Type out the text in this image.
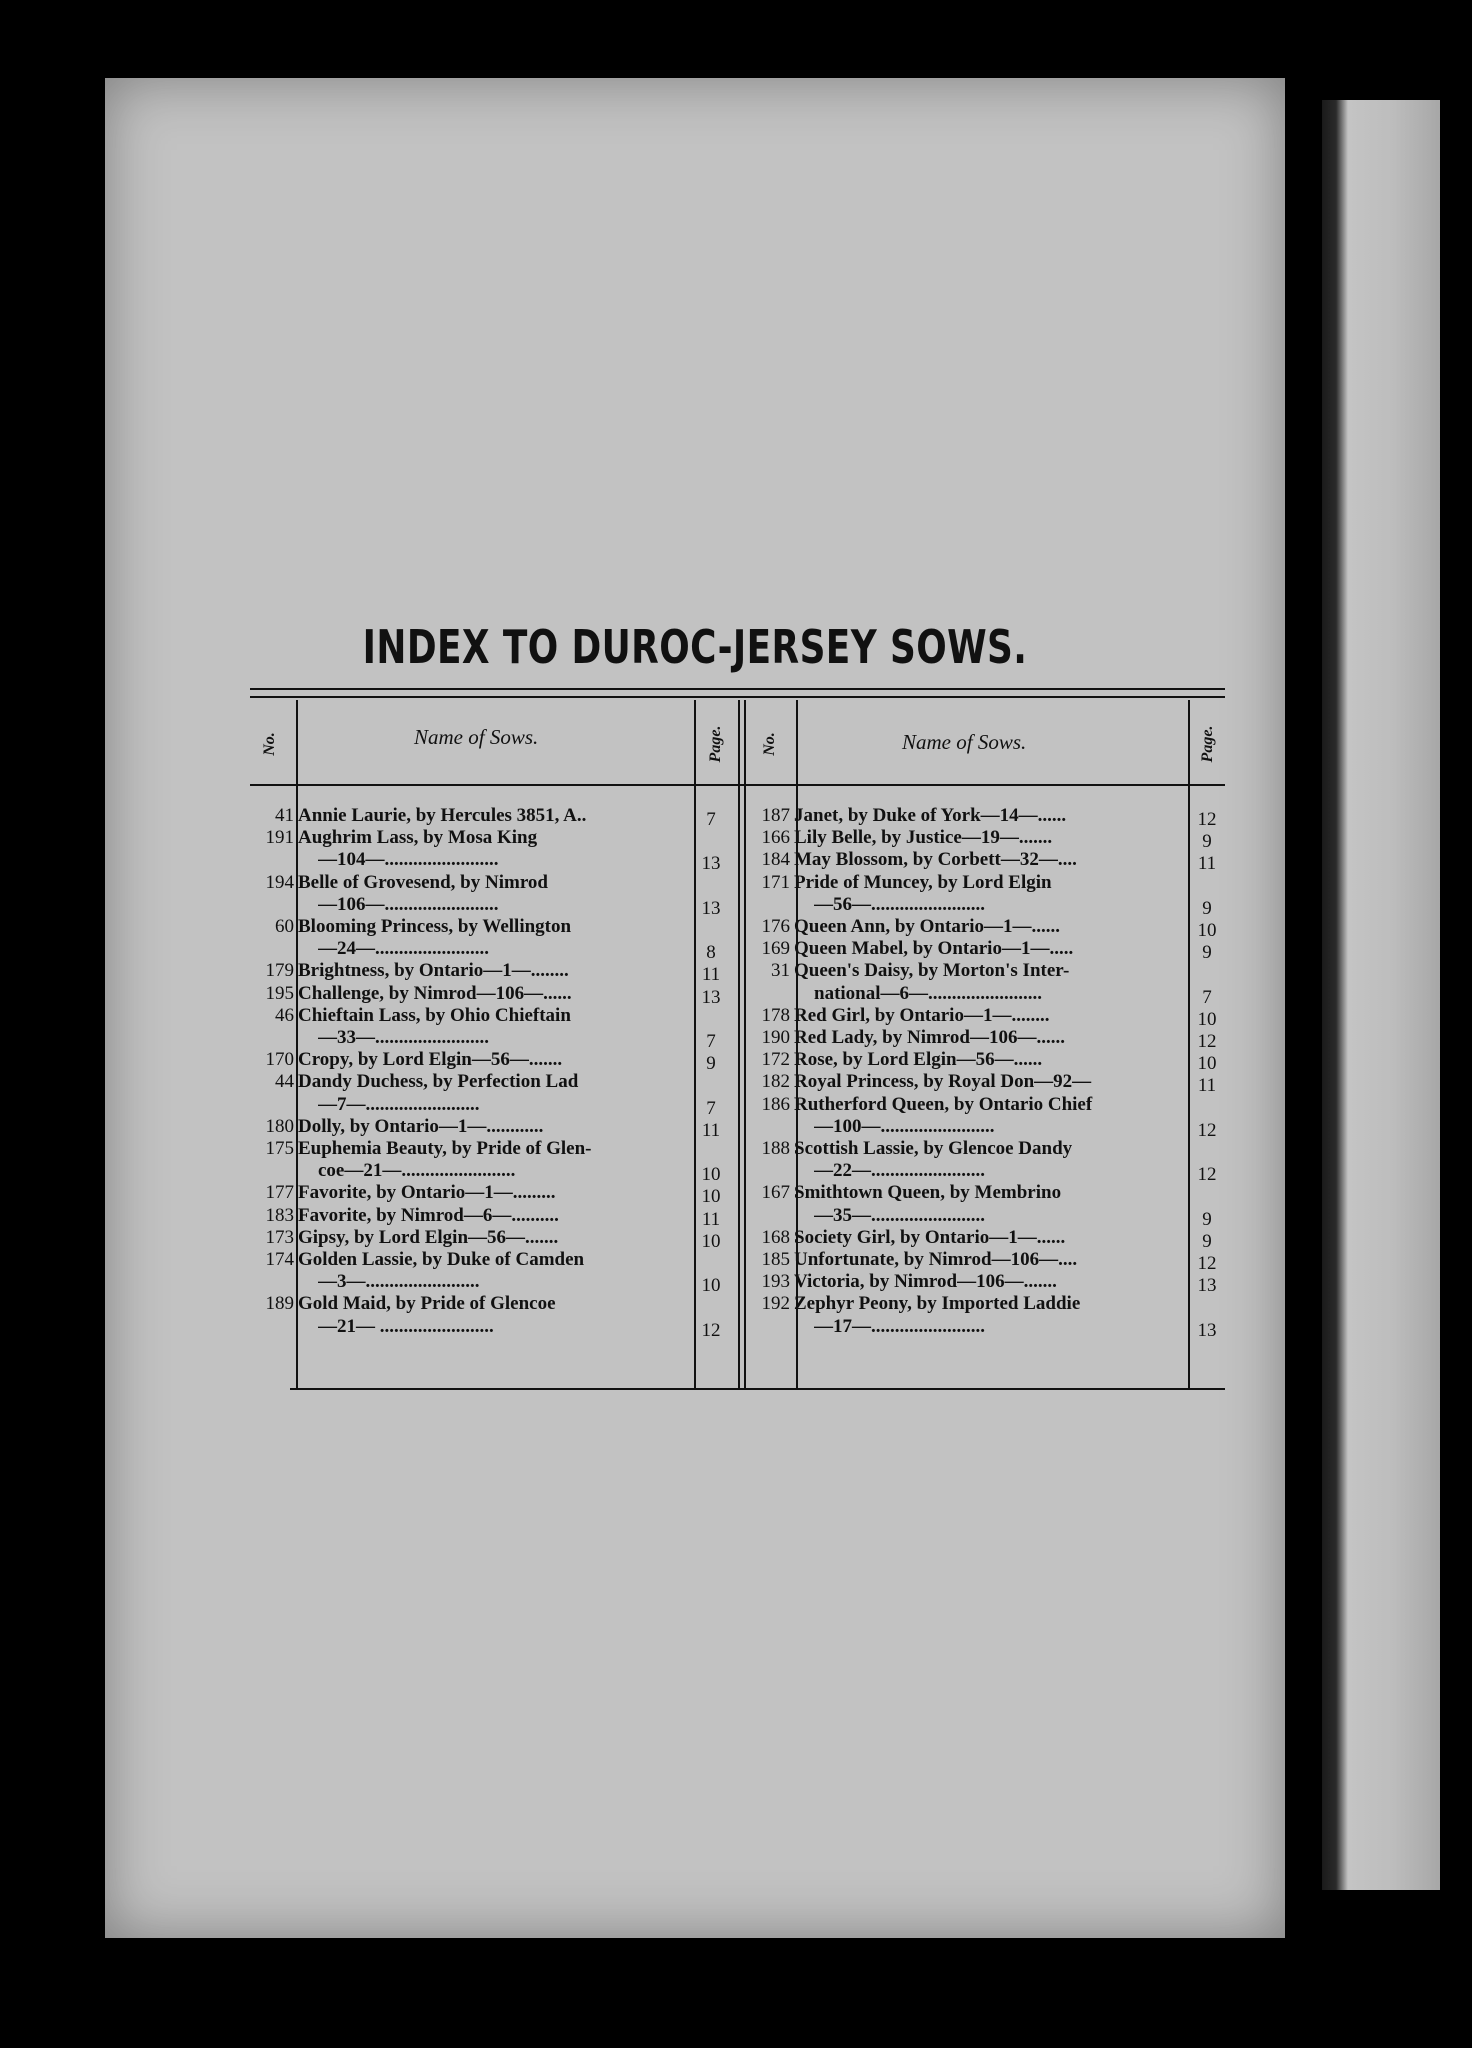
INDEX TO DUROC-JERSEY SOWS.
No.	Name of Sows.	Page. No.	Name of Sows.	Page.
41 Annie Laurie, by Hercules 3851, A..	7
191 Aughrim Lass, by Mosa King
—104—........................	13
194 Belle of Grovesend, by Nimrod
—106—........................	13
60 Blooming Princess, by Wellington
—24—........................	8
179 Brightness, by Ontario—1—........	11
195 Challenge, by Nimrod—106—......	13
46 Chieftain Lass, by Ohio Chieftain
—33—........................	7
170 Cropy, by Lord Elgin—56—.......	9
44 Dandy Duchess, by Perfection Lad
—7—........................	7
180 Dolly, by Ontario—1—............	11
175 Euphemia Beauty, by Pride of Glen-
coe—21—........................	10
177 Favorite, by Ontario—1—.........	10
183 Favorite, by Nimrod—6—..........	11
173 Gipsy, by Lord Elgin—56—.......	10
174 Golden Lassie, by Duke of Camden
—3—........................	10
189 Gold Maid, by Pride of Glencoe
—21— ........................	12
187 Janet, by Duke of York—14—......	12
166 Lily Belle, by Justice—19—.......	9
184 May Blossom, by Corbett—32—....	11
171 Pride of Muncey, by Lord Elgin
—56—........................	9
176 Queen Ann, by Ontario—1—......	10
169 Queen Mabel, by Ontario—1—.....	9
31 Queen's Daisy, by Morton's Inter-
national—6—........................	7
178 Red Girl, by Ontario—1—........	10
190 Red Lady, by Nimrod—106—......	12
172 Rose, by Lord Elgin—56—......	10
182 Royal Princess, by Royal Don—92—	11
186 Rutherford Queen, by Ontario Chief
—100—........................	12
188 Scottish Lassie, by Glencoe Dandy
—22—........................	12
167 Smithtown Queen, by Membrino
—35—........................	9
168 Society Girl, by Ontario—1—......	9
185 Unfortunate, by Nimrod—106—....	12
193 Victoria, by Nimrod—106—.......	13
192 Zephyr Peony, by Imported Laddie
—17—........................	13
